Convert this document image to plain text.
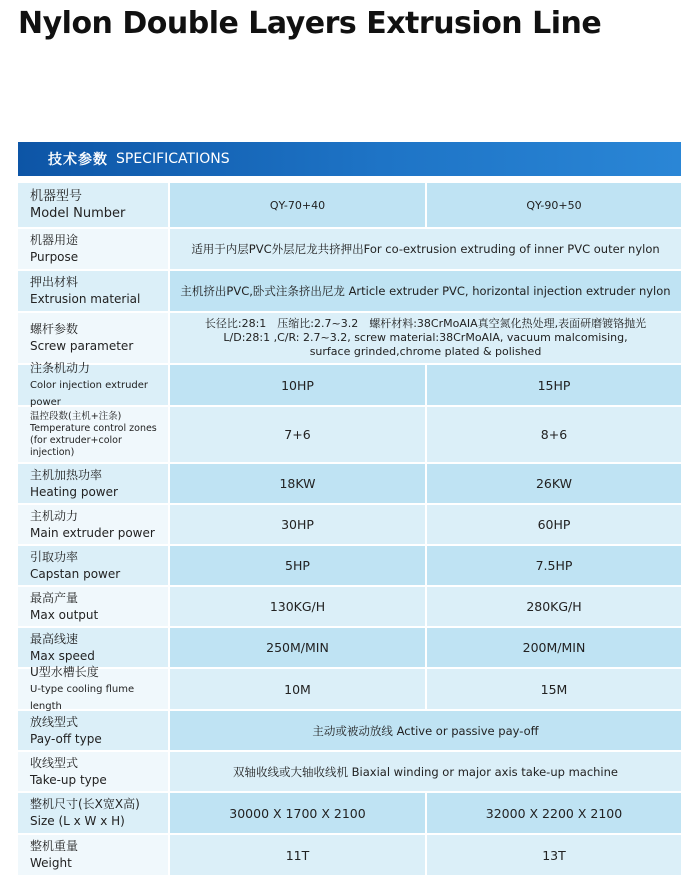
Nylon Double Layers Extrusion Line
技术参数 SPECIFICATIONS
机器型号
Model Number
QY-70+40	QY-90+50
机器用途
Purpose
适用于内层PVC外层尼龙共挤押出For co-extrusion extruding of inner PVC outer nylon
押出材料
Extrusion material
主机挤出PVC,卧式注条挤出尼龙 Article extruder PVC, horizontal injection extruder nylon
螺杆参数
Screw parameter
长径比:28:1　压缩比:2.7~3.2　螺杆材料:38CrMoAIA真空氮化热处理,表面研磨镀铬抛光
L/D:28:1 ,C/R: 2.7~3.2, screw material:38CrMoAIA, vacuum malcomising,
surface grinded,chrome plated & polished
注条机动力
Color injection extruder power
10HP	15HP
温控段数(主机+注条)
Temperature control zones
(for extruder+color injection)
7+6	8+6
主机加热功率
Heating power
18KW	26KW
主机动力
Main extruder power
30HP	60HP
引取功率
Capstan power
5HP	7.5HP
最高产量
Max output
130KG/H	280KG/H
最高线速
Max speed
250M/MIN	200M/MIN
U型水槽长度
U-type cooling flume length
10M	15M
放线型式
Pay-off type
主动或被动放线 Active or passive pay-off
收线型式
Take-up type
双轴收线或大轴收线机 Biaxial winding or major axis take-up machine
整机尺寸(长X宽X高)
Size (L x W x H)
30000 X 1700 X 2100	32000 X 2200 X 2100
整机重量
Weight
11T	13T
